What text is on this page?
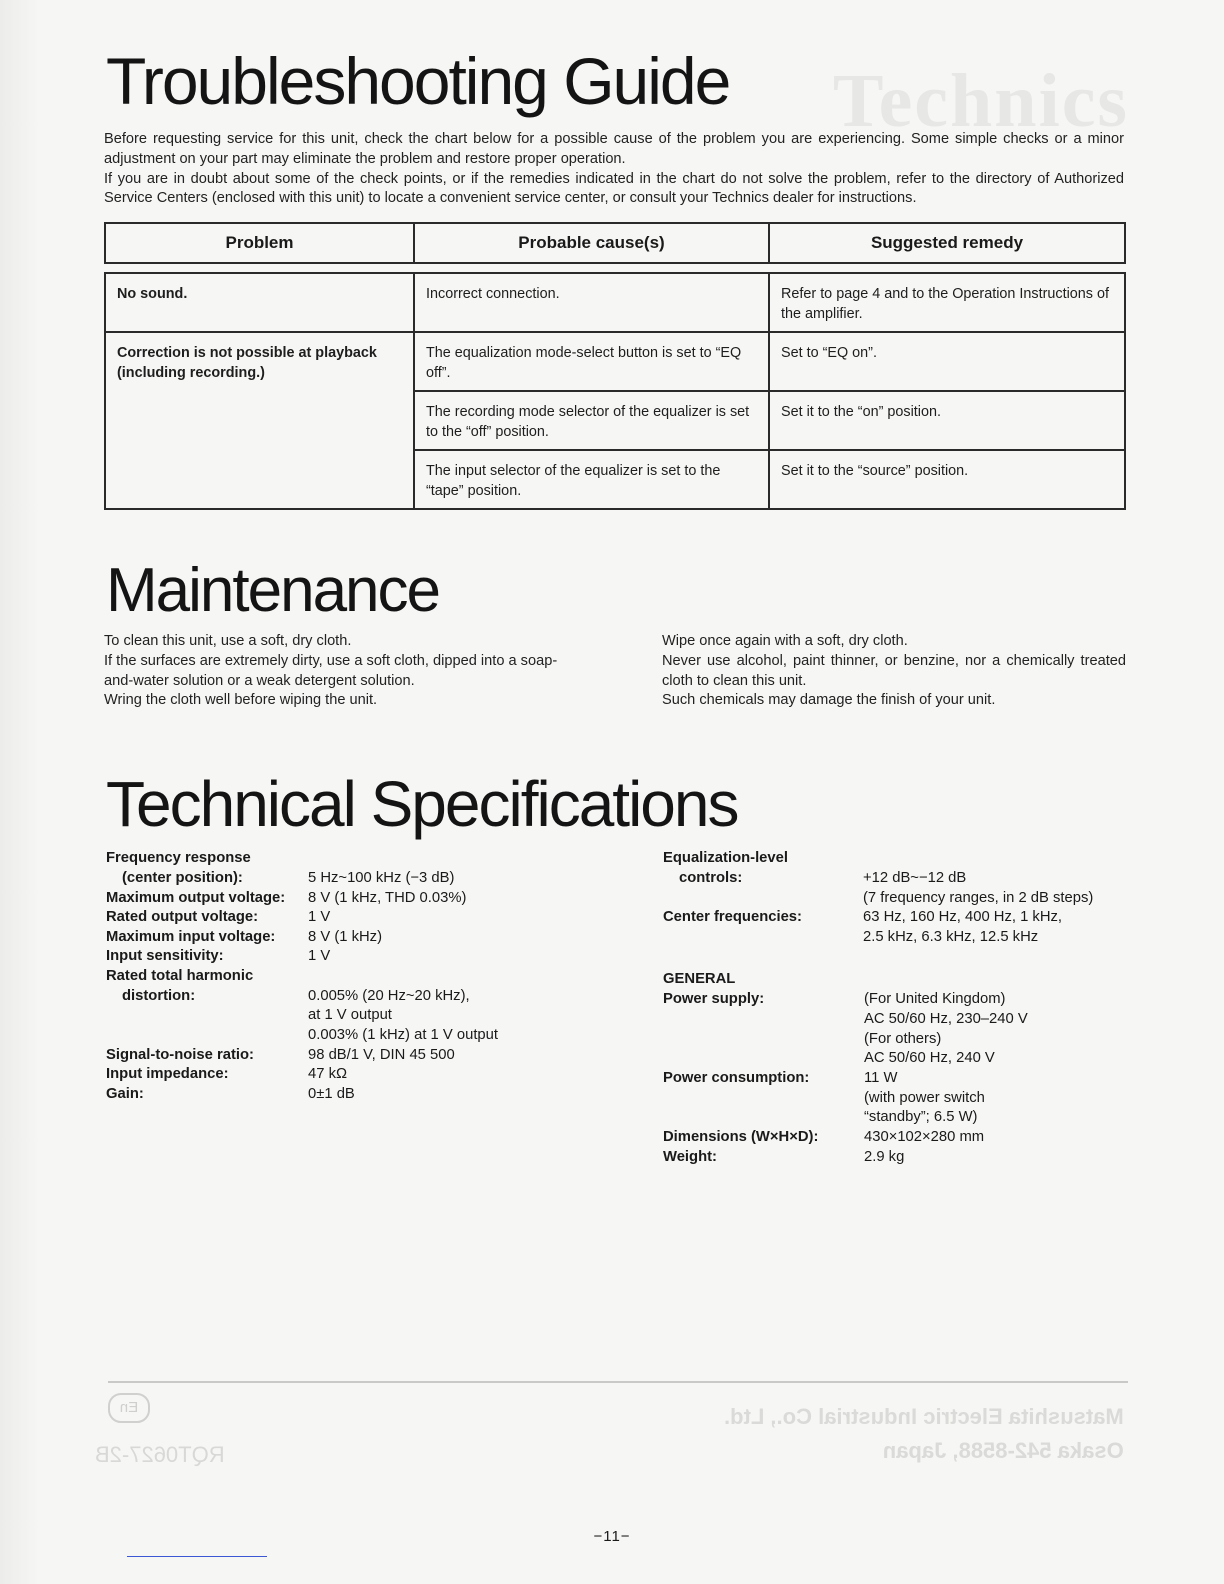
Technics
Troubleshooting Guide

Before requesting service for this unit, check the chart below for a possible cause of the problem you are experiencing. Some simple checks or a minor adjustment on your part may eliminate the problem and restore proper operation.

If you are in doubt about some of the check points, or if the remedies indicated in the chart do not solve the problem, refer to the directory of Authorized Service Centers (enclosed with this unit) to locate a convenient service center, or consult your Technics dealer for instructions.

Problem	Probable cause(s)	Suggested remedy
No sound.	Incorrect connection.	Refer to page 4 and to the Operation Instructions of the amplifier.
Correction is not possible at playback (including recording.)	The equalization mode-select button is set to “EQ off”.	Set to “EQ on”.
	The recording mode selector of the equalizer is set to the “off” position.	Set it to the “on” position.
	The input selector of the equalizer is set to the “tape” position.	Set it to the “source” position.
Maintenance

To clean this unit, use a soft, dry cloth.

If the surfaces are extremely dirty, use a soft cloth, dipped into a soap-and-water solution or a weak detergent solution.

Wring the cloth well before wiping the unit.

Wipe once again with a soft, dry cloth.

Never use alcohol, paint thinner, or benzine, nor a chemically treated cloth to clean this unit.

Such chemicals may damage the finish of your unit.

Technical Specifications
Frequency response
(center position):	5 Hz~100 kHz (−3 dB)
Maximum output voltage: 8 V (1 kHz, THD 0.03%)
Rated output voltage:	1 V
Maximum input voltage: 8 V (1 kHz)
Input sensitivity:	1 V
Rated total harmonic
distortion:	0.005% (20 Hz~20 kHz),
at 1 V output
0.003% (1 kHz) at 1 V output
Signal-to-noise ratio:	98 dB/1 V, DIN 45 500
Input impedance:	47 kΩ
Gain:	0±1 dB
Equalization-level
controls:	+12 dB~−12 dB
(7 frequency ranges, in 2 dB steps)
Center frequencies:	63 Hz, 160 Hz, 400 Hz, 1 kHz,
2.5 kHz, 6.3 kHz, 12.5 kHz
GENERAL
Power supply:	(For United Kingdom)
AC 50/60 Hz, 230–240 V
(For others)
AC 50/60 Hz, 240 V
Power consumption:	11 W
(with power switch
“standby”; 6.5 W)
Dimensions (W×H×D):	430×102×280 mm
Weight:	2.9 kg
En	Matsushita Electric Industrial Co., Ltd.
Osaka 542-8588, Japan
RQT0627-2B
−11−
